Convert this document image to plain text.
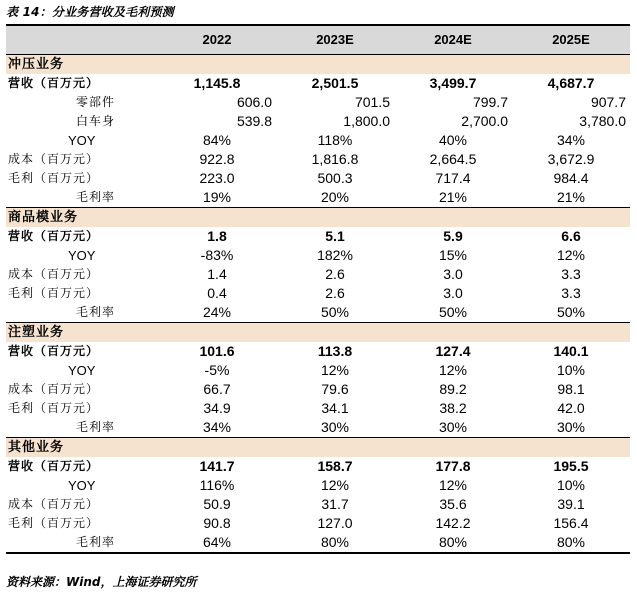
表 14：分业务营收及毛利预测
	2022	2023E	2024E	2025E
冲压业务				
营收（百万元）	1,145.8	2,501.5	3,499.7	4,687.7
零部件	606.0	701.5	799.7	907.7
白车身	539.8	1,800.0	2,700.0	3,780.0
YOY	84%	118%	40%	34%
成本（百万元）	922.8	1,816.8	2,664.5	3,672.9
毛利（百万元）	223.0	500.3	717.4	984.4
毛利率	19%	20%	21%	21%
商品模业务				
营收（百万元）	1.8	5.1	5.9	6.6
YOY	-83%	182%	15%	12%
成本（百万元）	1.4	2.6	3.0	3.3
毛利（百万元）	0.4	2.6	3.0	3.3
毛利率	24%	50%	50%	50%
注塑业务				
营收（百万元）	101.6	113.8	127.4	140.1
YOY	-5%	12%	12%	10%
成本（百万元）	66.7	79.6	89.2	98.1
毛利（百万元）	34.9	34.1	38.2	42.0
毛利率	34%	30%	30%	30%
其他业务				
营收（百万元）	141.7	158.7	177.8	195.5
YOY	116%	12%	12%	10%
成本（百万元）	50.9	31.7	35.6	39.1
毛利（百万元）	90.8	127.0	142.2	156.4
毛利率	64%	80%	80%	80%
资料来源：Wind，上海证券研究所
